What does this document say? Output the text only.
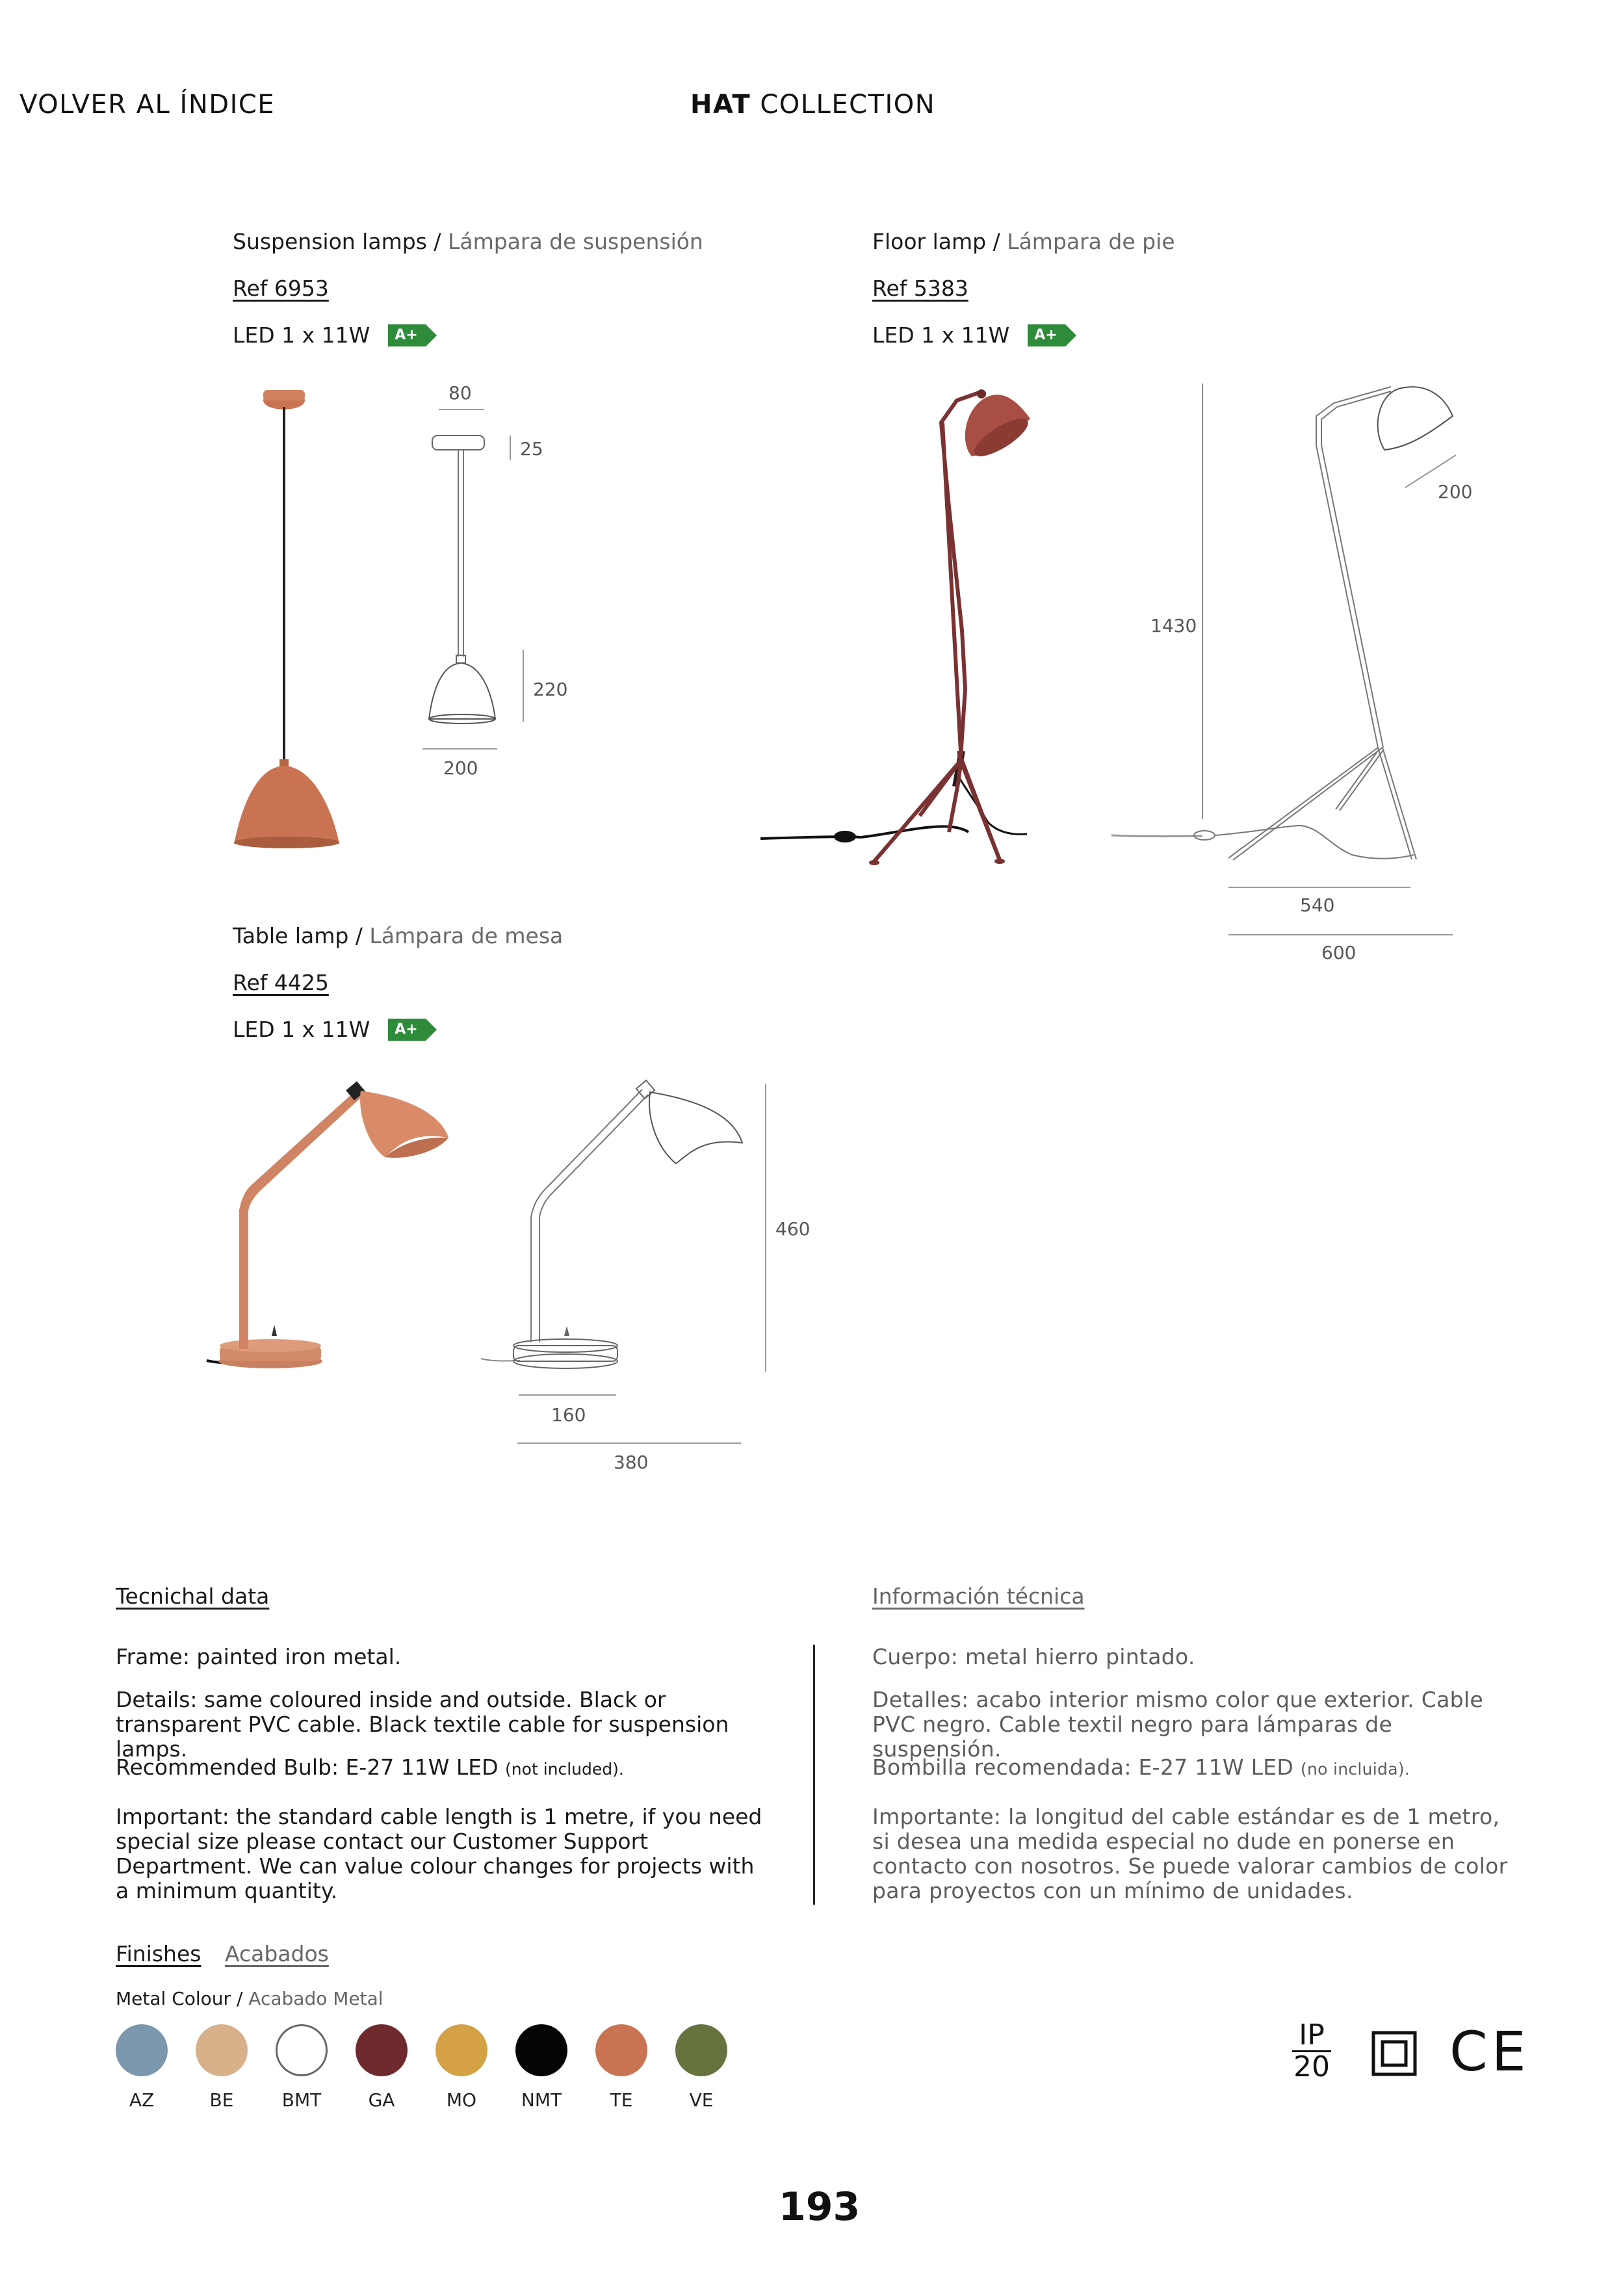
VOLVER AL ÍNDICE	HAT COLLECTION
Suspension lamps / Lámpara de suspensión
Ref 6953
LED 1 x 11W	A+
Floor lamp / Lámpara de pie
Ref 5383
LED 1 x 11W	A+
Table lamp / Lámpara de mesa
Ref 4425
LED 1 x 11W	A+
80
25
220
200
200
1430
540
600
460
160
380
Tecnichal data
Frame: painted iron metal.
Details: same coloured inside and outside. Black or transparent PVC cable. Black textile cable for suspension lamps.
Recommended Bulb: E-27 11W LED (not included).
Important: the standard cable length is 1 metre, if you need special size please contact our Customer Support Department. We can value colour changes for projects with a minimum quantity.
Información técnica
Cuerpo: metal hierro pintado.
Detalles: acabo interior mismo color que exterior. Cable PVC negro. Cable textil negro para lámparas de suspensión.
Bombilla recomendada: E-27 11W LED (no incluida).
Importante: la longitud del cable estándar es de 1 metro, si desea una medida especial no dude en ponerse en contacto con nosotros. Se puede valorar cambios de color para proyectos con un mínimo de unidades.
Finishes Acabados
Metal Colour / Acabado Metal
AZ	BE	BMT	GA	MO	NMT	TE	VE
IP
20 CE
193
